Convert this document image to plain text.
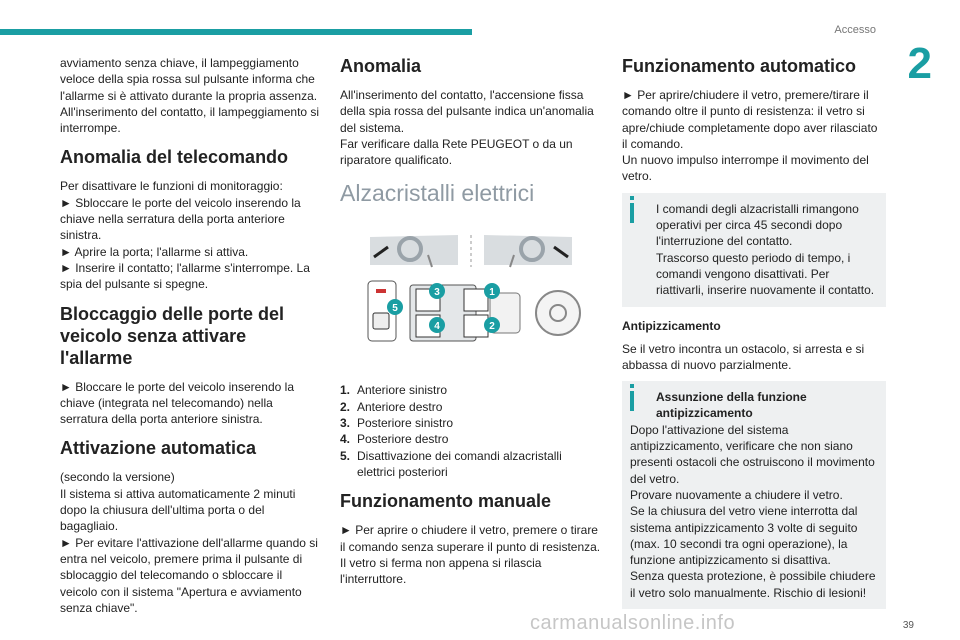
Accesso
2
39
carmanualsonline.info

avviamento senza chiave, il lampeggiamento veloce della spia rossa sul pulsante informa che l'allarme si è attivato durante la propria assenza. All'inserimento del contatto, il lampeggiamento si interrompe.

Anomalia del telecomando

Per disattivare le funzioni di monitoraggio:
► Sbloccare le porte del veicolo inserendo la chiave nella serratura della porta anteriore sinistra.
► Aprire la porta; l'allarme si attiva.
► Inserire il contatto; l'allarme s'interrompe. La spia del pulsante si spegne.

Bloccaggio delle porte del veicolo senza attivare l'allarme

► Bloccare le porte del veicolo inserendo la chiave (integrata nel telecomando) nella serratura della porta anteriore sinistra.

Attivazione automatica

(secondo la versione)
Il sistema si attiva automaticamente 2 minuti dopo la chiusura dell'ultima porta o del bagagliaio.
► Per evitare l'attivazione dell'allarme quando si entra nel veicolo, premere prima il pulsante di sblocaggio del telecomando o sbloccare il veicolo con il sistema "Apertura e avviamento senza chiave".

Anomalia

All'inserimento del contatto, l'accensione fissa della spia rossa del pulsante indica un'anomalia del sistema.
Far verificare dalla Rete PEUGEOT o da un riparatore qualificato.

Alzacristalli elettrici
1
2
3
4
5
1. Anteriore sinistro
2. Anteriore destro
3. Posteriore sinistro
4. Posteriore destro
5. Disattivazione dei comandi alzacristalli elettrici posteriori
Funzionamento manuale

► Per aprire o chiudere il vetro, premere o tirare il comando senza superare il punto di resistenza. Il vetro si ferma non appena si rilascia l'interruttore.

Funzionamento automatico

► Per aprire/chiudere il vetro, premere/tirare il comando oltre il punto di resistenza: il vetro si apre/chiude completamente dopo aver rilasciato il comando.
Un nuovo impulso interrompe il movimento del vetro.

I comandi degli alzacristalli rimangono operativi per circa 45 secondi dopo l'interruzione del contatto.
Trascorso questo periodo di tempo, i comandi vengono disattivati. Per riattivarli, inserire nuovamente il contatto.
Antipizzicamento

Se il vetro incontra un ostacolo, si arresta e si abbassa di nuovo parzialmente.

Assunzione della funzione antipizzicamento
Dopo l'attivazione del sistema antipizzicamento, verificare che non siano presenti ostacoli che ostruiscono il movimento del vetro.
Provare nuovamente a chiudere il vetro.
Se la chiusura del vetro viene interrotta dal sistema antipizzicamento 3 volte di seguito (max. 10 secondi tra ogni operazione), la funzione antipizzicamento si disattiva.
Senza questa protezione, è possibile chiudere il vetro solo manualmente. Rischio di lesioni!
